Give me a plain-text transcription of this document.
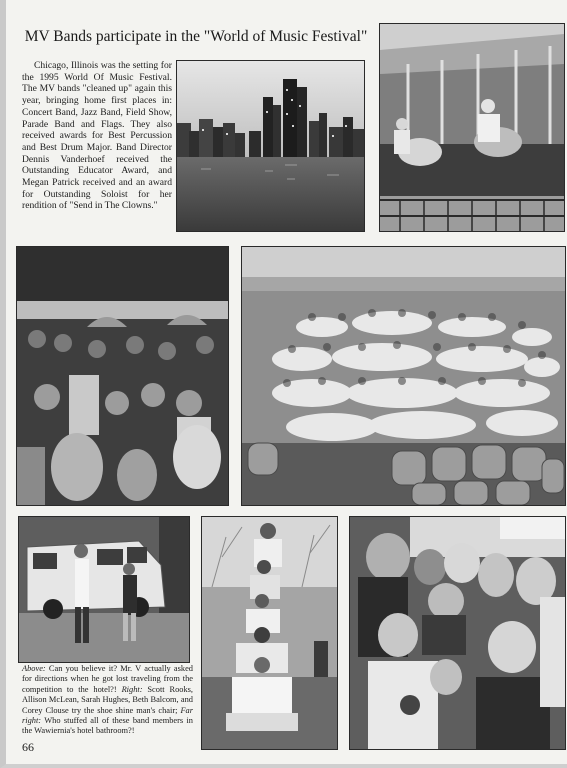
MV Bands participate in the "World of Music Festival"
Chicago, Illinois was the setting for the 1995 World Of Music Festival. The MV bands "cleaned up" again this year, bringing home first places in: Concert Band, Jazz Band, Field Show, Parade Band and Flags. They also received awards for Best Percussion and Best Drum Major. Band Director Dennis Vanderhoef received the Outstanding Educator Award, and Megan Patrick received and an award for Outstanding Soloist for her rendition of "Send in The Clowns."
Above: Can you believe it? Mr. V actually asked for directions when he got lost traveling from the competition to the hotel?! Right: Scott Rooks, Allison McLean, Sarah Hughes, Beth Balcom, and Corey Clouse try the shoe shine man's chair; Far right: Who stuffed all of these band members in the Wawiernia's hotel bathroom?!
66
